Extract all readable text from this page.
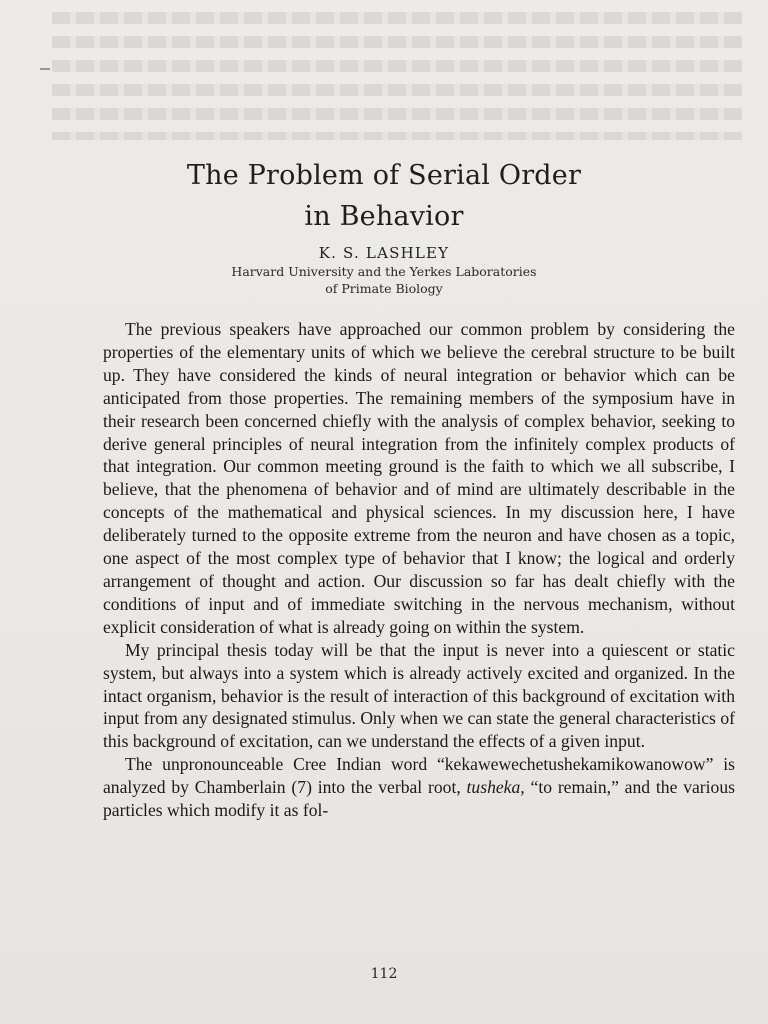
The Problem of Serial Order
in Behavior
K. S. LASHLEY
Harvard University and the Yerkes Laboratories
of Primate Biology

The previous speakers have approached our common problem by considering the properties of the elementary units of which we believe the cerebral structure to be built up. They have considered the kinds of neural integration or behavior which can be anticipated from those properties. The remaining members of the symposium have in their research been concerned chiefly with the analysis of complex behavior, seeking to derive general principles of neural integration from the infinitely complex products of that integration. Our common meeting ground is the faith to which we all subscribe, I believe, that the phenomena of behavior and of mind are ultimately describable in the concepts of the mathematical and physical sciences. In my discussion here, I have deliberately turned to the opposite extreme from the neuron and have chosen as a topic, one aspect of the most complex type of behavior that I know; the logical and orderly arrangement of thought and action. Our discussion so far has dealt chiefly with the conditions of input and of immediate switching in the nervous mechanism, without explicit consideration of what is already going on within the system.

My principal thesis today will be that the input is never into a quiescent or static system, but always into a system which is already actively excited and organized. In the intact organism, behavior is the result of interaction of this background of excitation with input from any designated stimulus. Only when we can state the general characteristics of this background of excitation, can we understand the effects of a given input.

The unpronounceable Cree Indian word “kekawewechetushekamikowanowow” is analyzed by Chamberlain (7) into the verbal root, tusheka, “to remain,” and the various particles which modify it as fol-

112
